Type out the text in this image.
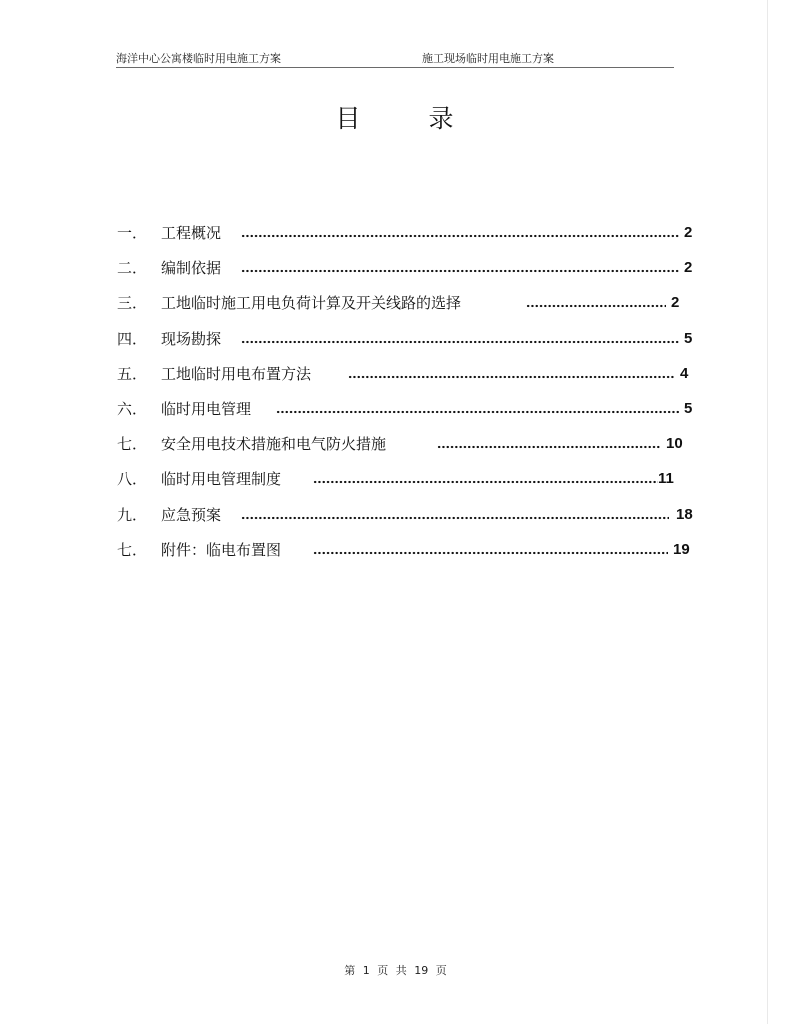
海洋中心公寓楼临时用电施工方案	施工现场临时用电施工方案
目 录
一． 工程概况	2
二． 编制依据	2
三． 工地临时施工用电负荷计算及开关线路的选择	2
四． 现场勘探	5
五． 工地临时用电布置方法	4
六． 临时用电管理	5
七． 安全用电技术措施和电气防火措施	10
八． 临时用电管理制度	11
九． 应急预案	18
七． 附件：临电布置图	19
第 1 页 共 19 页
